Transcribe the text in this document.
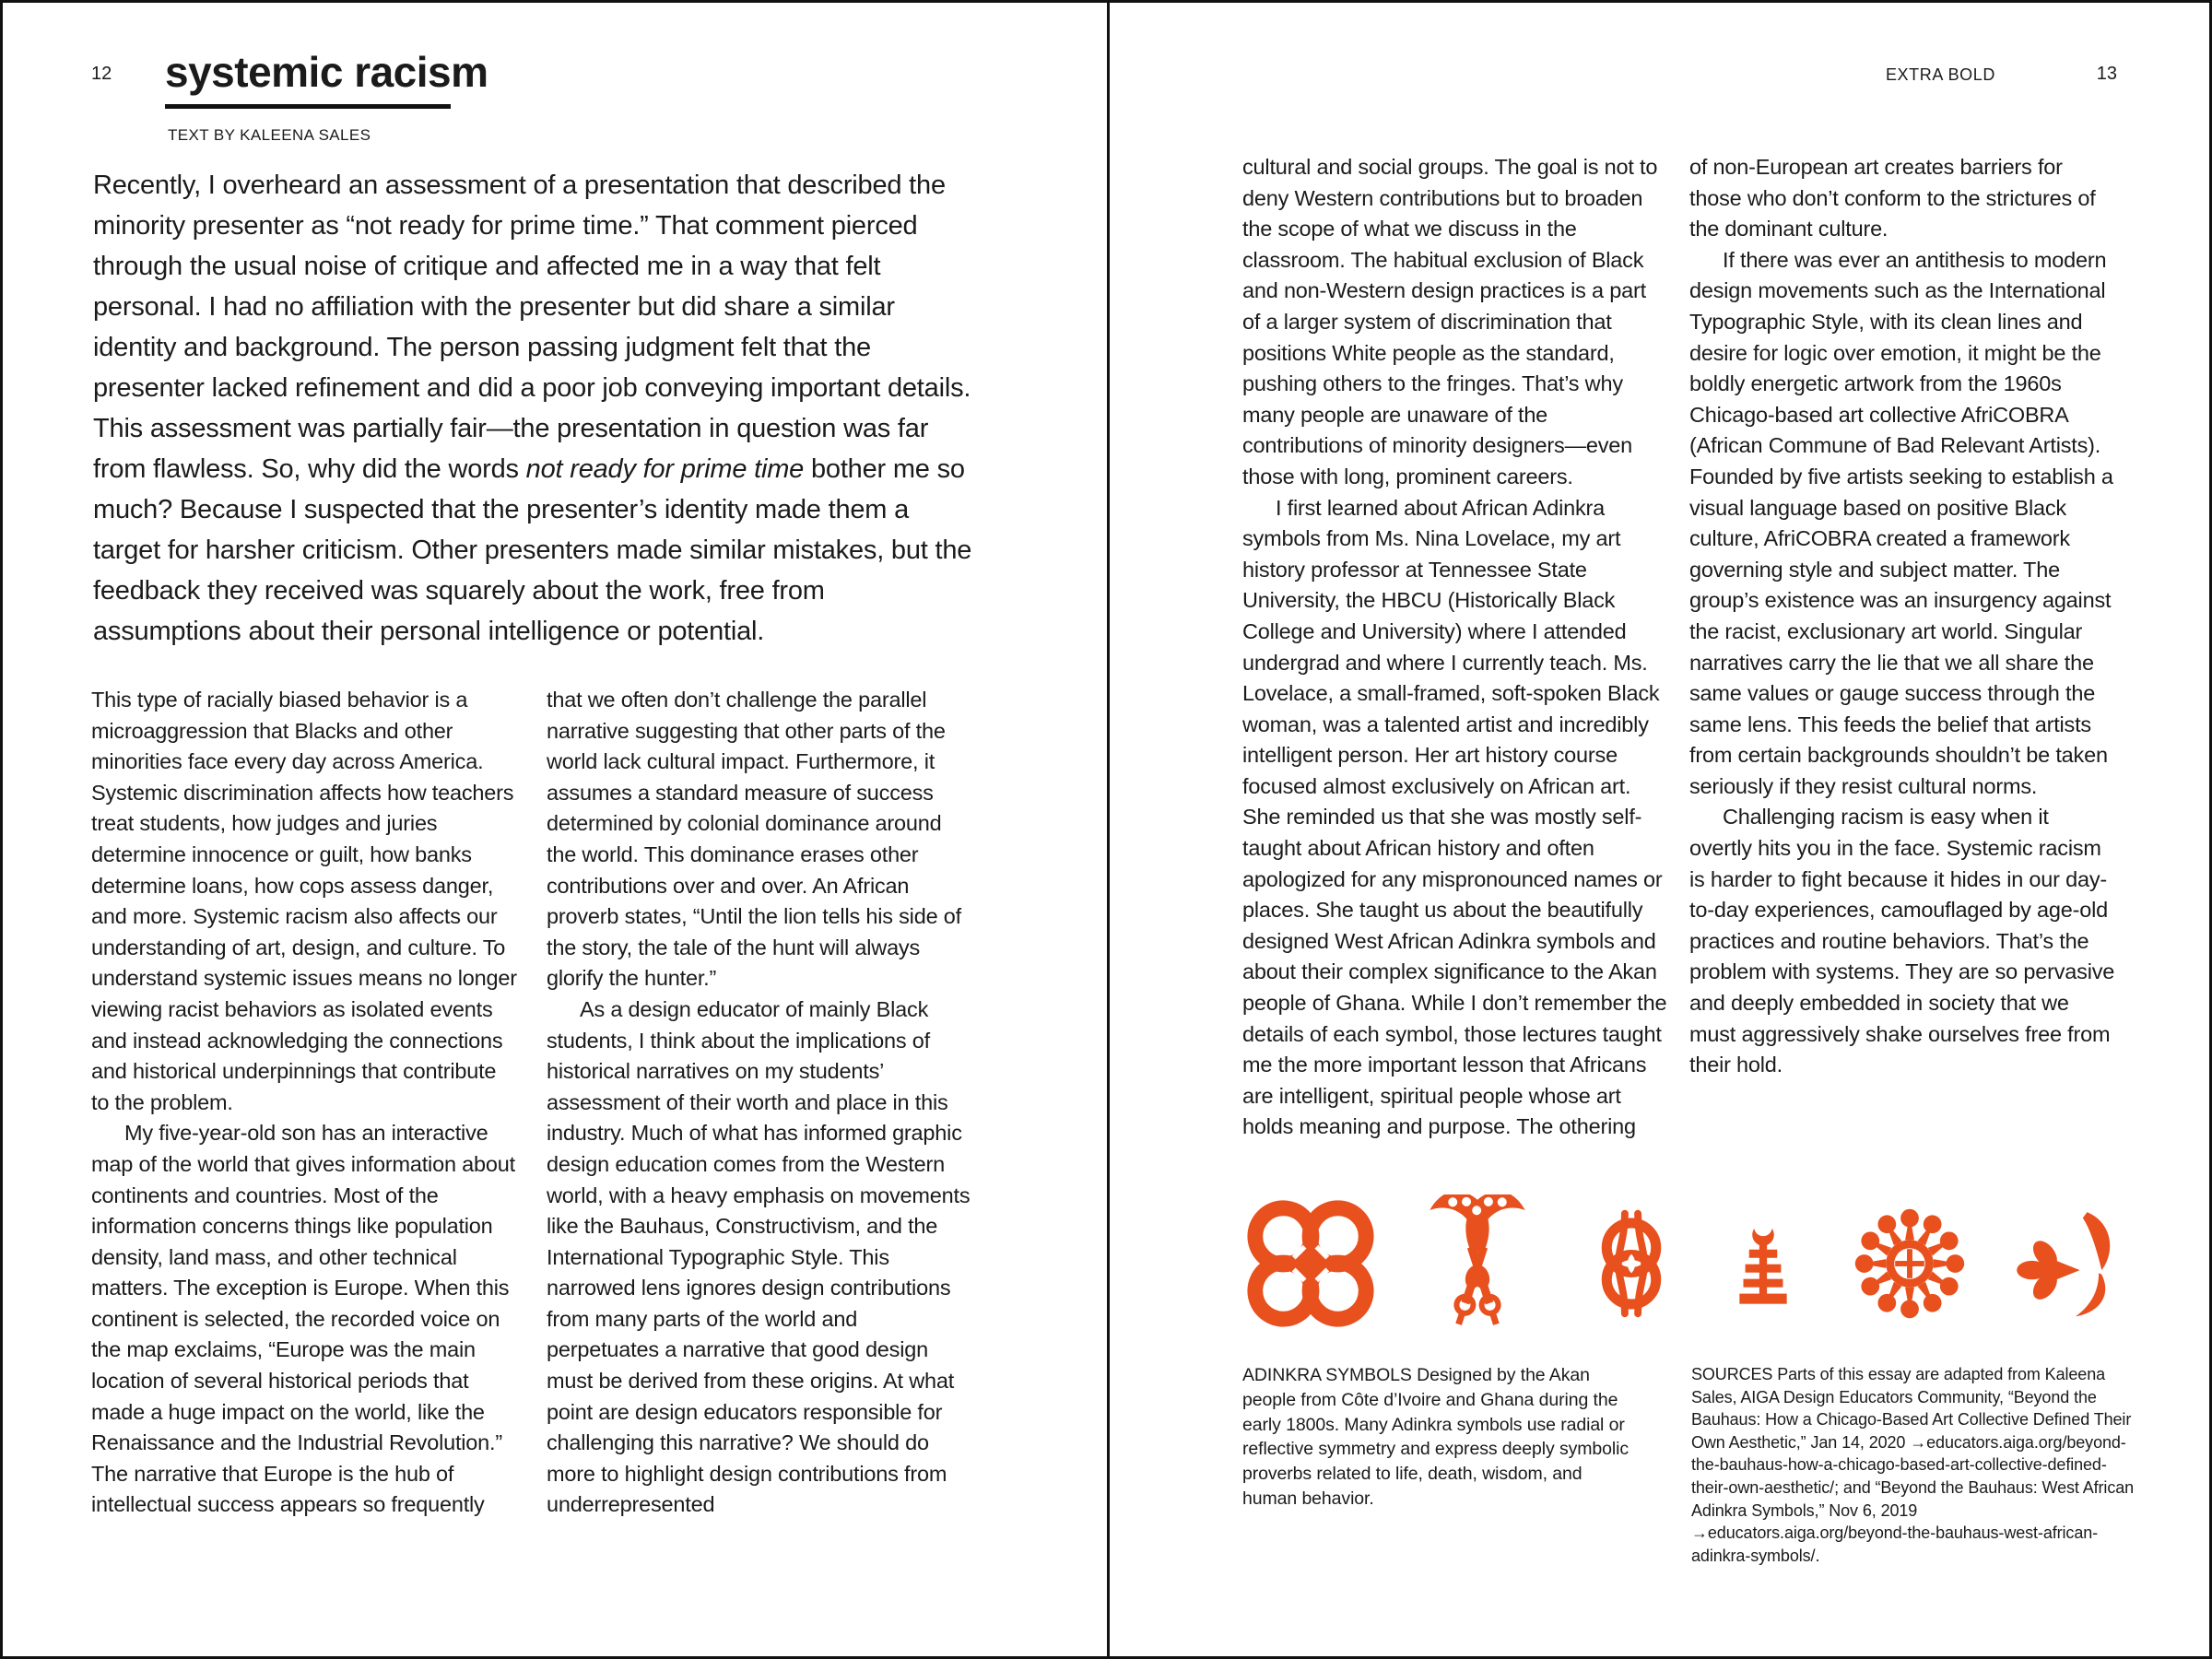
12 systemic racism
TEXT BY KALEENA SALES

Recently, I overheard an assessment of a presentation that described the minority presenter as “not ready for prime time.” That comment pierced through the usual noise of critique and affected me in a way that felt personal. I had no affiliation with the presenter but did share a similar identity and background. The person passing judgment felt that the presenter lacked refinement and did a poor job conveying important details. This assessment was partially fair—the presentation in question was far from flawless. So, why did the words not ready for prime time bother me so much? Because I suspected that the presenter’s identity made them a target for harsher criticism. Other presenters made similar mistakes, but the feedback they received was squarely about the work, free from assumptions about their personal intelligence or potential.

This type of racially biased behavior is a microaggression that Blacks and other minorities face every day across America. Systemic discrimination affects how teachers treat students, how judges and juries determine innocence or guilt, how banks determine loans, how cops assess danger, and more. Systemic racism also affects our understanding of art, design, and culture. To understand systemic issues means no longer viewing racist behaviors as isolated events and instead acknowledging the connections and historical underpinnings that contribute to the problem.

My five-year-old son has an interactive map of the world that gives information about continents and countries. Most of the information concerns things like population density, land mass, and other technical matters. The exception is Europe. When this continent is selected, the recorded voice on the map exclaims, “Europe was the main location of several historical periods that made a huge impact on the world, like the Renaissance and the Industrial Revolution.” The narrative that Europe is the hub of intellectual success appears so frequently

that we often don’t challenge the parallel narrative suggesting that other parts of the world lack cultural impact. Furthermore, it assumes a standard measure of success determined by colonial dominance around the world. This dominance erases other contributions over and over. An African proverb states, “Until the lion tells his side of the story, the tale of the hunt will always glorify the hunter.”

As a design educator of mainly Black students, I think about the implications of historical narratives on my students’ assessment of their worth and place in this industry. Much of what has informed graphic design education comes from the Western world, with a heavy emphasis on movements like the Bauhaus, Constructivism, and the International Typographic Style. This narrowed lens ignores design contributions from many parts of the world and perpetuates a narrative that good design must be derived from these origins. At what point are design educators responsible for challenging this narrative? We should do more to highlight design contributions from underrepresented

EXTRA BOLD	13

cultural and social groups. The goal is not to deny Western contributions but to broaden the scope of what we discuss in the classroom. The habitual exclusion of Black and non-Western design practices is a part of a larger system of discrimination that positions White people as the standard, pushing others to the fringes. That’s why many people are unaware of the contributions of minority designers—even those with long, prominent careers.

I first learned about African Adinkra symbols from Ms. Nina Lovelace, my art history professor at Tennessee State University, the HBCU (Historically Black College and University) where I attended undergrad and where I currently teach. Ms. Lovelace, a small-framed, soft-spoken Black woman, was a talented artist and incredibly intelligent person. Her art history course focused almost exclusively on African art. She reminded us that she was mostly self-taught about African history and often apologized for any mispronounced names or places. She taught us about the beautifully designed West African Adinkra symbols and about their complex significance to the Akan people of Ghana. While I don’t remember the details of each symbol, those lectures taught me the more important lesson that Africans are intelligent, spiritual people whose art holds meaning and purpose. The othering

of non-European art creates barriers for those who don’t conform to the strictures of the dominant culture.

If there was ever an antithesis to modern design movements such as the International Typographic Style, with its clean lines and desire for logic over emotion, it might be the boldly energetic artwork from the 1960s Chicago-based art collective AfriCOBRA (African Commune of Bad Relevant Artists). Founded by five artists seeking to establish a visual language based on positive Black culture, AfriCOBRA created a framework governing style and subject matter. The group’s existence was an insurgency against the racist, exclusionary art world. Singular narratives carry the lie that we all share the same values or gauge success through the same lens. This feeds the belief that artists from certain backgrounds shouldn’t be taken seriously if they resist cultural norms.

Challenging racism is easy when it overtly hits you in the face. Systemic racism is harder to fight because it hides in our day-to-day experiences, camouflaged by age-old practices and routine behaviors. That’s the problem with systems. They are so pervasive and deeply embedded in society that we must aggressively shake ourselves free from their hold.

ADINKRA SYMBOLS Designed by the Akan people from Côte d’Ivoire and Ghana during the early 1800s. Many Adinkra symbols use radial or reflective symmetry and express deeply symbolic proverbs related to life, death, wisdom, and human behavior.

SOURCES Parts of this essay are adapted from Kaleena Sales, AIGA Design Educators Community, “Beyond the Bauhaus: How a Chicago-Based Art Collective Defined Their Own Aesthetic,” Jan 14, 2020 →educators.aiga.org/beyond-the-bauhaus-how-a-chicago-based-art-collective-defined-their-own-aesthetic/; and “Beyond the Bauhaus: West African Adinkra Symbols,” Nov 6, 2019 →educators.aiga.org/beyond-the-bauhaus-west-african-adinkra-symbols/.
